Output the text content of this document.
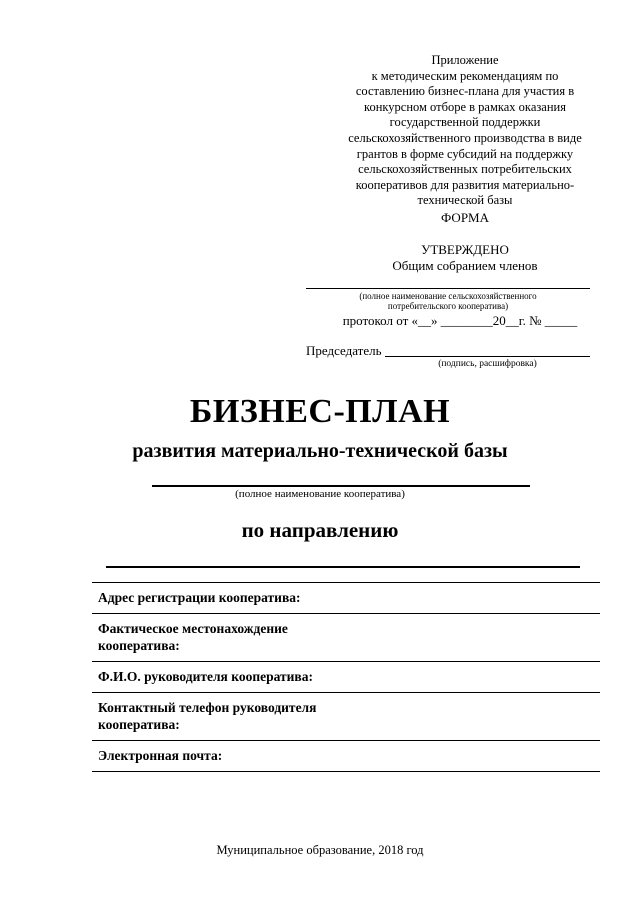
Приложение
к методическим рекомендациям по
составлению бизнес-плана для участия в
конкурсном отборе в рамках оказания
государственной поддержки
сельскохозяйственного производства в виде
грантов в форме субсидий на поддержку
сельскохозяйственных потребительских
кооперативов для развития материально-
технической базы
ФОРМА
УТВЕРЖДЕНО
Общим собранием членов
(полное наименование сельскохозяйственного
потребительского кооператива)
протокол от «__» ________20__г. № _____
Председатель
(подпись, расшифровка)
БИЗНЕС-ПЛАН
развития материально-технической базы
(полное наименование кооператива)
по направлению
Адрес регистрации кооператива:
Фактическое местонахождение
кооператива:
Ф.И.О. руководителя кооператива:
Контактный телефон руководителя
кооператива:
Электронная почта:
Муниципальное образование, 2018 год
